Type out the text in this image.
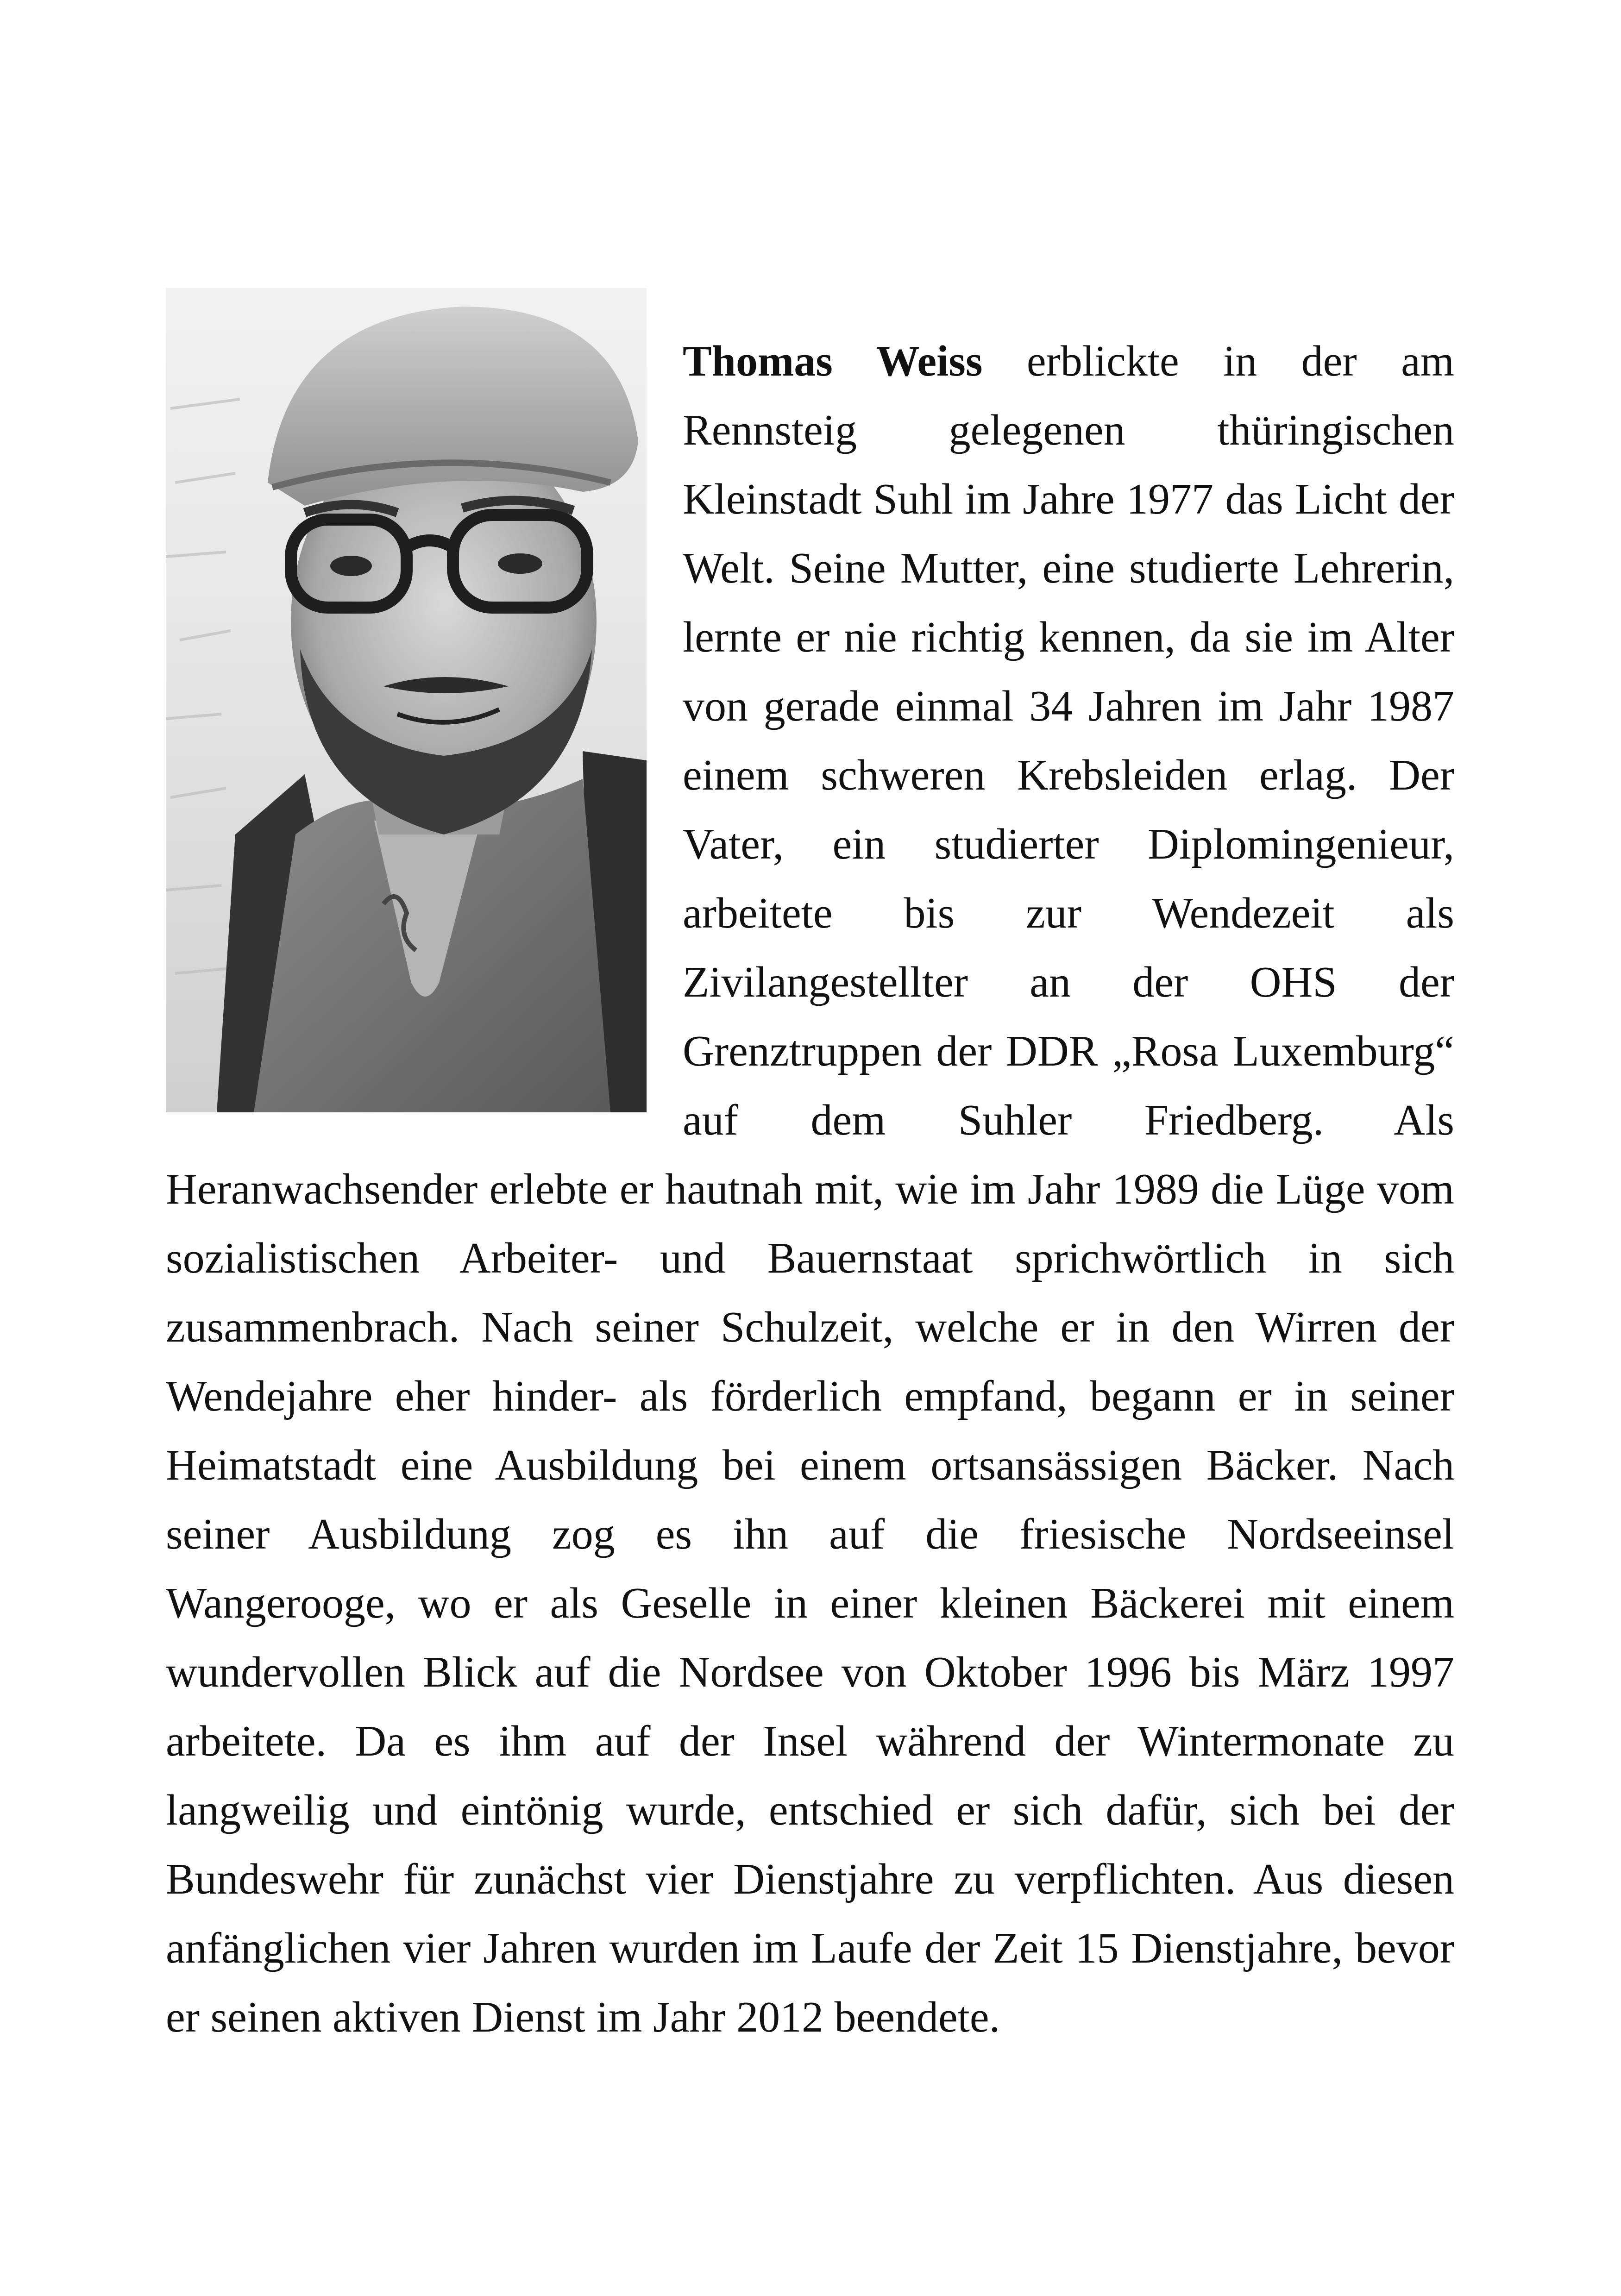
Thomas Weiss erblickte in der am Rennsteig gelegenen thüringischen Kleinstadt Suhl im Jahre 1977 das Licht der Welt. Seine Mutter, eine studierte Lehrerin, lernte er nie richtig kennen, da sie im Alter von gerade einmal 34 Jahren im Jahr 1987 einem schweren Krebsleiden erlag. Der Vater, ein studierter Diplomingenieur, arbeitete bis zur Wendezeit als Zivilangestellter an der OHS der Grenztruppen der DDR „Rosa Luxemburg“ auf dem Suhler Friedberg. Als Heranwachsender erlebte er hautnah mit, wie im Jahr 1989 die Lüge vom sozialistischen Arbeiter- und Bauernstaat sprichwörtlich in sich zusammenbrach. Nach seiner Schulzeit, welche er in den Wirren der Wendejahre eher hinder- als förderlich empfand, begann er in seiner Heimatstadt eine Ausbildung bei einem ortsansässigen Bäcker. Nach seiner Ausbildung zog es ihn auf die friesische Nordseeinsel Wangerooge, wo er als Geselle in einer kleinen Bäckerei mit einem wundervollen Blick auf die Nordsee von Oktober 1996 bis März 1997 arbeitete. Da es ihm auf der Insel während der Wintermonate zu langweilig und eintönig wurde, entschied er sich dafür, sich bei der Bundeswehr für zunächst vier Dienstjahre zu verpflichten. Aus diesen anfänglichen vier Jahren wurden im Laufe der Zeit 15 Dienstjahre, bevor er seinen aktiven Dienst im Jahr 2012 beendete.
